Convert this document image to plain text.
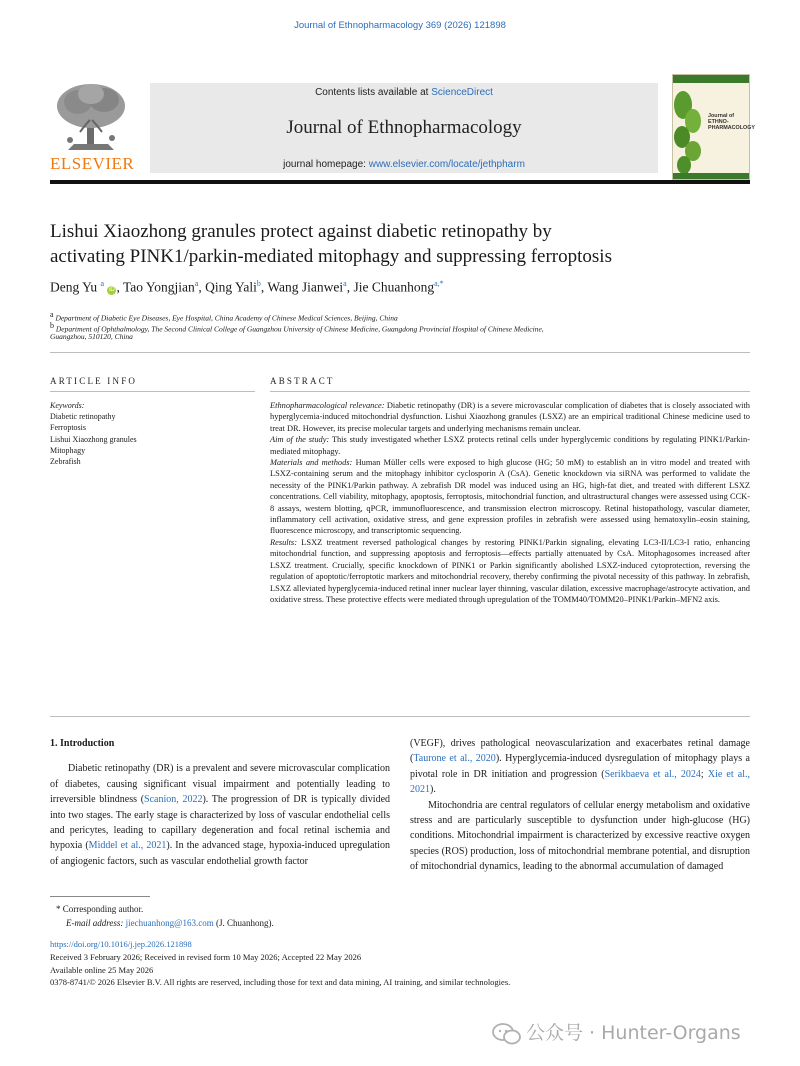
Journal of Ethnopharmacology 369 (2026) 121898
ELSEVIER
Contents lists available at ScienceDirect
Journal of Ethnopharmacology
journal homepage: www.elsevier.com/locate/jethpharm
Journal of ETHNO- PHARMACOLOGY
Lishui Xiaozhong granules protect against diabetic retinopathy by
activating PINK1/parkin-mediated mitophagy and suppressing ferroptosis
Deng Yu $^a$ iD , Tao Yongjian$^a$, Qing Yali$^b$, Wang Jianwei$^a$, Jie Chuanhong$^{a,*}$
$^a$ Department of Diabetic Eye Diseases, Eye Hospital, China Academy of Chinese Medical Sciences, Beijing, China
$^b$ Department of Ophthalmology, The Second Clinical College of Guangzhou University of Chinese Medicine, Guangdong Provincial Hospital of Chinese Medicine,
Guangzhou, 510120, China
ARTICLE INFO	ABSTRACT
Keywords:
Diabetic retinopathy
Ferroptosis
Lishui Xiaozhong granules
Mitophagy
Zebrafish

Ethnopharmacological relevance: Diabetic retinopathy (DR) is a severe microvascular complication of diabetes that is closely associated with hyperglycemia-induced mitochondrial dysfunction. Lishui Xiaozhong granules (LSXZ) are an empirical traditional Chinese medicine used to treat DR. However, its precise molecular targets and underlying mechanisms remain unclear.

Aim of the study: This study investigated whether LSXZ protects retinal cells under hyperglycemic conditions by regulating PINK1/Parkin-mediated mitophagy.

Materials and methods: Human Müller cells were exposed to high glucose (HG; 50 mM) to establish an in vitro model and treated with LSXZ-containing serum and the mitophagy inhibitor cyclosporin A (CsA). Genetic knockdown via siRNA was performed to validate the necessity of the PINK1/Parkin pathway. A zebrafish DR model was induced using an HG, high-fat diet, and treated with different LSXZ concentrations. Cell viability, mitophagy, apoptosis, ferroptosis, mitochondrial function, and ultrastructural changes were assessed using CCK-8 assays, western blotting, qPCR, immunofluorescence, and transmission electron microscopy. Retinal histopathology, vascular diameter, inflammatory cell activation, oxidative stress, and gene expression profiles in zebrafish were assessed using hematoxylin–eosin staining, fluorescence microscopy, and transcriptomic sequencing.

Results: LSXZ treatment reversed pathological changes by restoring PINK1/Parkin signaling, elevating LC3-II/LC3-I ratio, enhancing mitochondrial function, and suppressing apoptosis and ferroptosis—effects partially attenuated by CsA. Mitophagosomes increased after LSXZ treatment. Crucially, specific knockdown of PINK1 or Parkin significantly abolished LSXZ-induced cytoprotection, reversing the regulation of apoptotic/ferroptotic markers and mitochondrial recovery, thereby confirming the pivotal necessity of this pathway. In zebrafish, LSXZ alleviated hyperglycemia-induced retinal inner nuclear layer thinning, vascular dilation, excessive macrophage/astrocyte activation, and oxidative stress. These protective effects were mediated through upregulation of the TOMM40/TOMM20–PINK1/Parkin–MFN2 axis.

1. Introduction

Diabetic retinopathy (DR) is a prevalent and severe microvascular complication of diabetes, causing significant visual impairment and potentially leading to irreversible blindness (Scanion, 2022). The progression of DR is typically divided into two stages. The early stage is characterized by loss of vascular endothelial cells and pericytes, leading to capillary degeneration and focal retinal ischemia and hypoxia (Middel et al., 2021). In the advanced stage, hypoxia-induced upregulation of angiogenic factors, such as vascular endothelial growth factor

(VEGF), drives pathological neovascularization and exacerbates retinal damage (Taurone et al., 2020). Hyperglycemia-induced dysregulation of mitophagy plays a pivotal role in DR initiation and progression (Serikbaeva et al., 2024; Xie et al., 2021).

Mitochondria are central regulators of cellular energy metabolism and oxidative stress and are particularly susceptible to dysfunction under high-glucose (HG) conditions. Mitochondrial impairment is characterized by excessive reactive oxygen species (ROS) production, loss of mitochondrial membrane potential, and disruption of mitochondrial dynamics, leading to the abnormal accumulation of damaged

* Corresponding author.
E-mail address: jiechuanhong@163.com (J. Chuanhong).
https://doi.org/10.1016/j.jep.2026.121898
Received 3 February 2026; Received in revised form 10 May 2026; Accepted 22 May 2026
Available online 25 May 2026
0378-8741/© 2026 Elsevier B.V. All rights are reserved, including those for text and data mining, AI training, and similar technologies.
公众号 · Hunter-Organs
